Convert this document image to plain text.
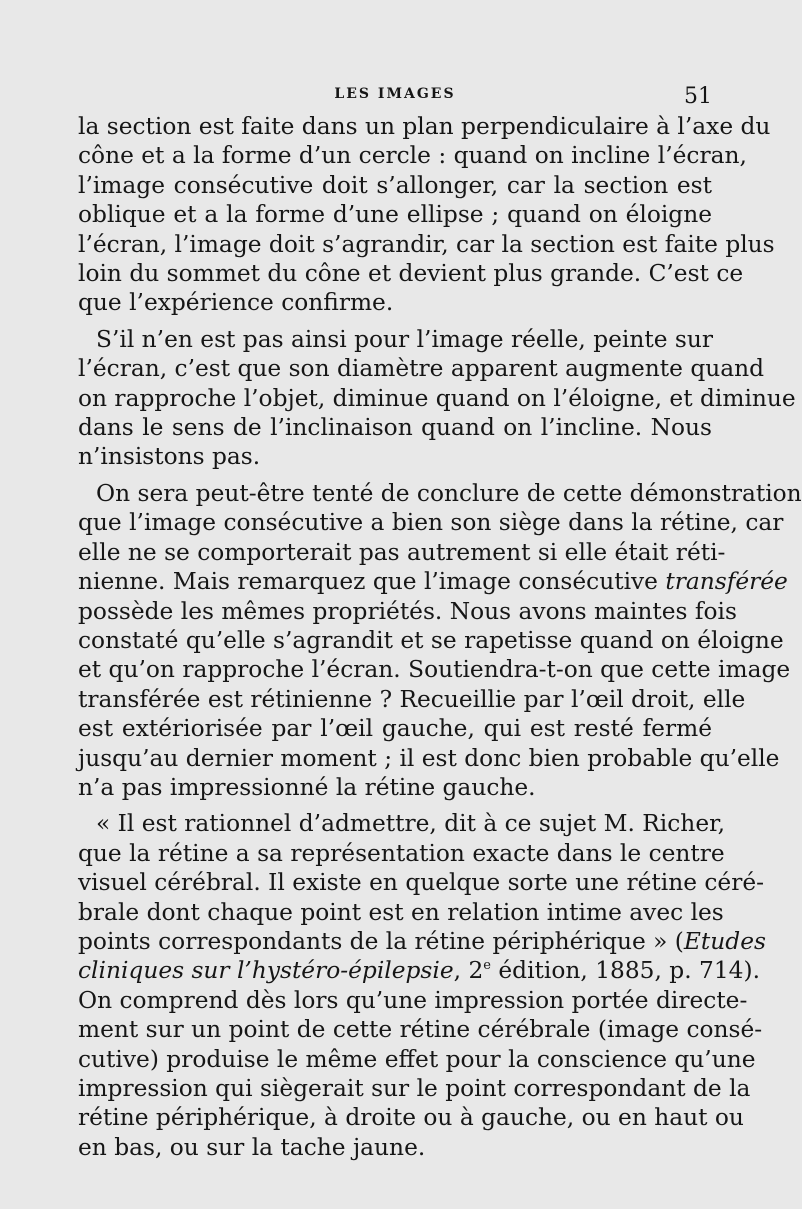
LES IMAGES	51
la section est faite dans un plan perpendiculaire à l’axe du
cône et a la forme d’un cercle : quand on incline l’écran,
l’image consécutive doit s’allonger, car la section est
oblique et a la forme d’une ellipse ; quand on éloigne
l’écran, l’image doit s’agrandir, car la section est faite plus
loin du sommet du cône et devient plus grande. C’est ce
que l’expérience confirme.
S’il n’en est pas ainsi pour l’image réelle, peinte sur
l’écran, c’est que son diamètre apparent augmente quand
on rapproche l’objet, diminue quand on l’éloigne, et diminue
dans le sens de l’inclinaison quand on l’incline. Nous
n’insistons pas.
On sera peut-être tenté de conclure de cette démonstration
que l’image consécutive a bien son siège dans la rétine, car
elle ne se comporterait pas autrement si elle était réti-
nienne. Mais remarquez que l’image consécutive transférée
possède les mêmes propriétés. Nous avons maintes fois
constaté qu’elle s’agrandit et se rapetisse quand on éloigne
et qu’on rapproche l’écran. Soutiendra-t-on que cette image
transférée est rétinienne ? Recueillie par l’œil droit, elle
est extériorisée par l’œil gauche, qui est resté fermé
jusqu’au dernier moment ; il est donc bien probable qu’elle
n’a pas impressionné la rétine gauche.
« Il est rationnel d’admettre, dit à ce sujet M. Richer,
que la rétine a sa représentation exacte dans le centre
visuel cérébral. Il existe en quelque sorte une rétine céré-
brale dont chaque point est en relation intime avec les
points correspondants de la rétine périphérique » (Etudes
cliniques sur l’hystéro-épilepsie, 2e édition, 1885, p. 714).
On comprend dès lors qu’une impression portée directe-
ment sur un point de cette rétine cérébrale (image consé-
cutive) produise le même effet pour la conscience qu’une
impression qui siègerait sur le point correspondant de la
rétine périphérique, à droite ou à gauche, ou en haut ou
en bas, ou sur la tache jaune.
